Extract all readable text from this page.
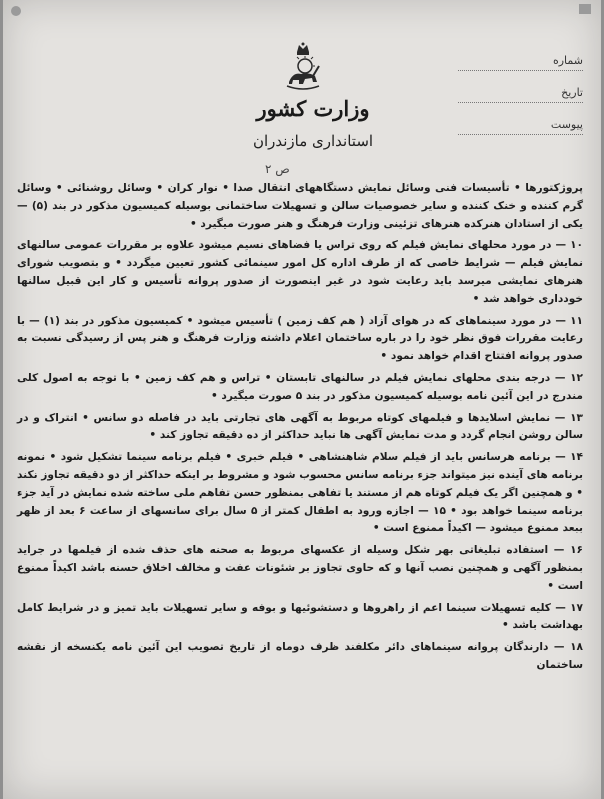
وزارت کشور
استانداری مازندران
شماره
تاریخ
پیوست
ص ۲

پروژکتورها • تأسیسات فنی وسائل نمایش دستگاههای انتقال صدا • نوار کران • وسائل روشنائی • وسائل گرم کننده و خنک کننده و سایر خصوصیات سالن و تسهیلات ساختمانی بوسیله کمیسیون مذکور در بند (۵) — یکی از استادان هنرکده هنرهای تزئینی وزارت فرهنگ و هنر صورت میگیرد •

۱۰ — در مورد محلهای نمایش فیلم که روی تراس یا فضاهای نسیم میشود علاوه بر مقررات عمومی سالنهای نمایش فیلم — شرایط خاصی که از طرف اداره کل امور سینمائی کشور تعیین میگردد • و بتصویب شورای هنرهای نمایشی میرسد باید رعایت شود در غیر اینصورت از صدور پروانه تأسیس و کار این قبیل سالنها خودداری خواهد شد •

۱۱ — در مورد سینماهای که در هوای آزاد ( هم کف زمین ) تأسیس میشود • کمیسیون مذکور در بند (۱) — با رعایت مقررات فوق نظر خود را در باره ساختمان اعلام داشته وزارت فرهنگ و هنر پس از رسیدگی نسبت به صدور پروانه افتتاح اقدام خواهد نمود •

۱۲ — درجه بندی محلهای نمایش فیلم در سالنهای تابستان • تراس و هم کف زمین • با توجه به اصول کلی مندرج در این آئین نامه بوسیله کمیسیون مذکور در بند ۵ صورت میگیرد •

۱۳ — نمایش اسلایدها و فیلمهای کوتاه مربوط به آگهی های تجارتی باید در فاصله دو سانس • انتراک و در سالن روشن انجام گردد و مدت نمایش آگهی ها نباید حداکثر از ده دقیقه تجاوز کند •

۱۴ — برنامه هرسانس باید از فیلم سلام شاهنشاهی • فیلم خبری • فیلم برنامه سینما تشکیل شود • نمونه برنامه های آینده نیز میتواند جزء برنامه سانس محسوب شود و مشروط بر اینکه حداکثر از دو دقیقه تجاوز نکند • و همچنین اگر یک فیلم کوتاه هم از مستند یا تفاهی بمنظور حسن تفاهم ملی ساخته شده نمایش در آید جزء برنامه سینما خواهد بود • ۱۵ — اجازه ورود به اطفال کمتر از ۵ سال برای سانسهای از ساعت ۶ بعد از ظهر ببعد ممنوع میشود — اکیداً ممنوع است •

۱۶ — استفاده تبلیغاتی بهر شکل وسیله از عکسهای مربوط به صحنه های حذف شده از فیلمها در جراید بمنظور آگهی و همچنین نصب آنها و که حاوی تجاوز بر شئونات عفت و مخالف اخلاق حسنه باشد اکیداً ممنوع است •

۱۷ — کلیه تسهیلات سینما اعم از راهروها و دستشوئیها و بوفه و سایر تسهیلات باید تمیز و در شرایط کامل بهداشت باشد •

۱۸ — دارندگان پروانه سینماهای دائر مکلفند ظرف دوماه از تاریخ تصویب این آئین نامه یکنسخه از نقشه ساختمان
